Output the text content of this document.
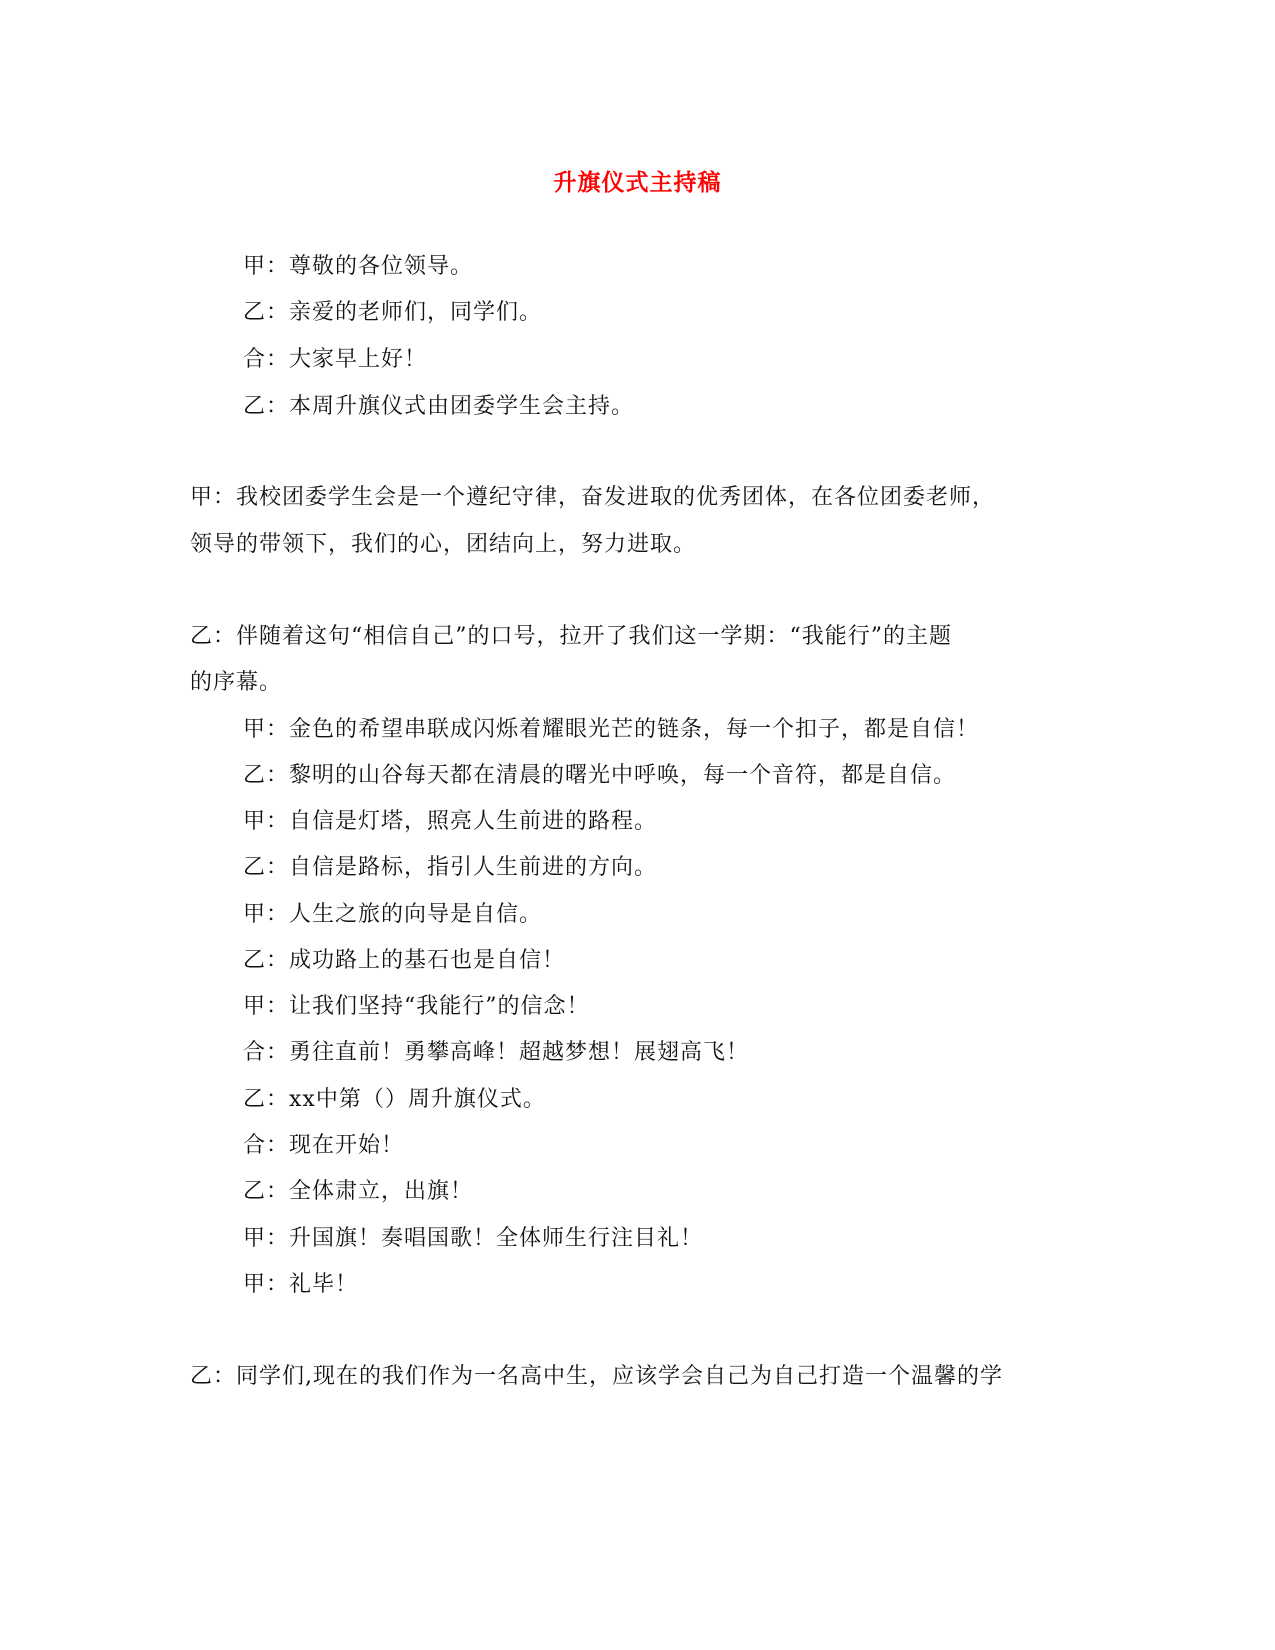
升旗仪式主持稿
甲：尊敬的各位领导。
乙：亲爱的老师们，同学们。
合：大家早上好！
乙：本周升旗仪式由团委学生会主持。
甲：我校团委学生会是一个遵纪守律，奋发进取的优秀团体，在各位团委老师，
领导的带领下，我们的心，团结向上，努力进取。
乙：伴随着这句“相信自己”的口号，拉开了我们这一学期：“我能行”的主题
的序幕。
甲：金色的希望串联成闪烁着耀眼光芒的链条，每一个扣子，都是自信！
乙：黎明的山谷每天都在清晨的曙光中呼唤，每一个音符，都是自信。
甲：自信是灯塔，照亮人生前进的路程。
乙：自信是路标，指引人生前进的方向。
甲：人生之旅的向导是自信。
乙：成功路上的基石也是自信！
甲：让我们坚持“我能行”的信念！
合：勇往直前！勇攀高峰！超越梦想！展翅高飞！
乙：xx中第（）周升旗仪式。
合：现在开始！
乙：全体肃立，出旗！
甲：升国旗！奏唱国歌！全体师生行注目礼！
甲：礼毕！
乙：同学们,现在的我们作为一名高中生，应该学会自己为自己打造一个温馨的学
